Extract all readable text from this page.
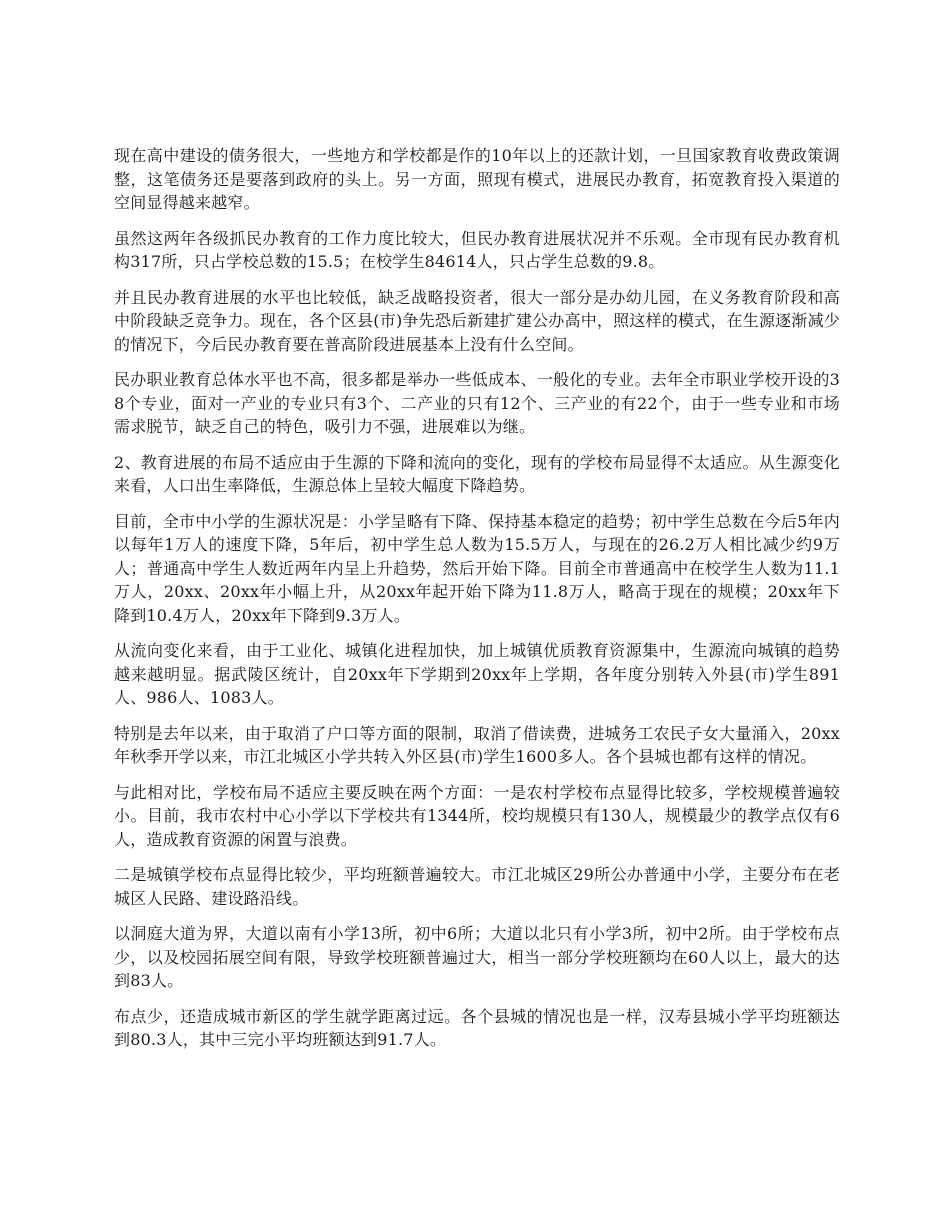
现在高中建设的债务很大，一些地方和学校都是作的10年以上的还款计划，一旦国家教育收费政策调整，这笔债务还是要落到政府的头上。另一方面，照现有模式，进展民办教育，拓宽教育投入渠道的空间显得越来越窄。

虽然这两年各级抓民办教育的工作力度比较大，但民办教育进展状况并不乐观。全市现有民办教育机构317所，只占学校总数的15.5；在校学生84614人，只占学生总数的9.8。

并且民办教育进展的水平也比较低，缺乏战略投资者，很大一部分是办幼儿园，在义务教育阶段和高中阶段缺乏竞争力。现在，各个区县(市)争先恐后新建扩建公办高中，照这样的模式，在生源逐渐减少的情况下，今后民办教育要在普高阶段进展基本上没有什么空间。

民办职业教育总体水平也不高，很多都是举办一些低成本、一般化的专业。去年全市职业学校开设的38个专业，面对一产业的专业只有3个、二产业的只有12个、三产业的有22个，由于一些专业和市场需求脱节，缺乏自己的特色，吸引力不强，进展难以为继。

2、教育进展的布局不适应由于生源的下降和流向的变化，现有的学校布局显得不太适应。从生源变化来看，人口出生率降低，生源总体上呈较大幅度下降趋势。

目前，全市中小学的生源状况是：小学呈略有下降、保持基本稳定的趋势；初中学生总数在今后5年内以每年1万人的速度下降，5年后，初中学生总人数为15.5万人，与现在的26.2万人相比减少约9万人；普通高中学生人数近两年内呈上升趋势，然后开始下降。目前全市普通高中在校学生人数为11.1万人，20xx、20xx年小幅上升，从20xx年起开始下降为11.8万人，略高于现在的规模；20xx年下降到10.4万人，20xx年下降到9.3万人。

从流向变化来看，由于工业化、城镇化进程加快，加上城镇优质教育资源集中，生源流向城镇的趋势越来越明显。据武陵区统计，自20xx年下学期到20xx年上学期，各年度分别转入外县(市)学生891人、986人、1083人。

特别是去年以来，由于取消了户口等方面的限制，取消了借读费，进城务工农民子女大量涌入，20xx年秋季开学以来，市江北城区小学共转入外区县(市)学生1600多人。各个县城也都有这样的情况。

与此相对比，学校布局不适应主要反映在两个方面：一是农村学校布点显得比较多，学校规模普遍较小。目前，我市农村中心小学以下学校共有1344所，校均规模只有130人，规模最少的教学点仅有6人，造成教育资源的闲置与浪费。

二是城镇学校布点显得比较少，平均班额普遍较大。市江北城区29所公办普通中小学，主要分布在老城区人民路、建设路沿线。

以洞庭大道为界，大道以南有小学13所，初中6所；大道以北只有小学3所，初中2所。由于学校布点少，以及校园拓展空间有限，导致学校班额普遍过大，相当一部分学校班额均在60人以上，最大的达到83人。

布点少，还造成城市新区的学生就学距离过远。各个县城的情况也是一样，汉寿县城小学平均班额达到80.3人，其中三完小平均班额达到91.7人。
